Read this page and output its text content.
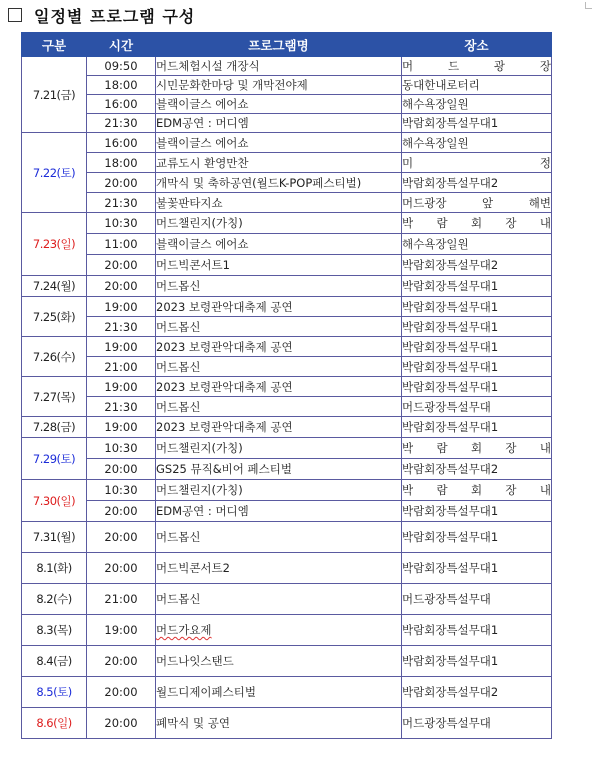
일정별 프로그램 구성
구분	시간	프로그램명	장소
7.21(금)	09:50	머드체험시설 개장식	머 드 광 장

	18:00	시민문화한마당 및 개막전야제	동대한내로터리

	16:00	블랙이글스 에어쇼	해수욕장일원

	21:30	EDM공연 : 머디엠	박람회장특설무대1

7.22(토)	16:00	블랙이글스 에어쇼	해수욕장일원

	18:00	교류도시 환영만찬	미 정

	20:00	개막식 및 축하공연(월드K-POP페스티벌)	박람회장특설무대2

	21:30	불꽃판타지쇼	머드광장 앞 해변

7.23(일)	10:30	머드챌린지(가칭)	박 람 회 장 내

	11:00	블랙이글스 에어쇼	해수욕장일원

	20:00	머드빅콘서트1	박람회장특설무대2

7.24(월)	20:00	머드몹신	박람회장특설무대1

7.25(화)	19:00	2023 보령관악대축제 공연	박람회장특설무대1

	21:30	머드몹신	박람회장특설무대1

7.26(수)	19:00	2023 보령관악대축제 공연	박람회장특설무대1

	21:00	머드몹신	박람회장특설무대1

7.27(목)	19:00	2023 보령관악대축제 공연	박람회장특설무대1

	21:30	머드몹신	머드광장특설무대

7.28(금)	19:00	2023 보령관악대축제 공연	박람회장특설무대1

7.29(토)	10:30	머드챌린지(가칭)	박 람 회 장 내

	20:00	GS25 뮤직&비어 페스티벌	박람회장특설무대2

7.30(일)	10:30	머드챌린지(가칭)	박 람 회 장 내

	20:00	EDM공연 : 머디엠	박람회장특설무대1

7.31(월)	20:00	머드몹신	박람회장특설무대1

8.1(화)	20:00	머드빅콘서트2	박람회장특설무대1

8.2(수)	21:00	머드몹신	머드광장특설무대

8.3(목)	19:00	머드가요제	박람회장특설무대1

8.4(금)	20:00	머드나잇스탠드	박람회장특설무대1

8.5(토)	20:00	월드디제이페스티벌	박람회장특설무대2

8.6(일)	20:00	폐막식 및 공연	머드광장특설무대
